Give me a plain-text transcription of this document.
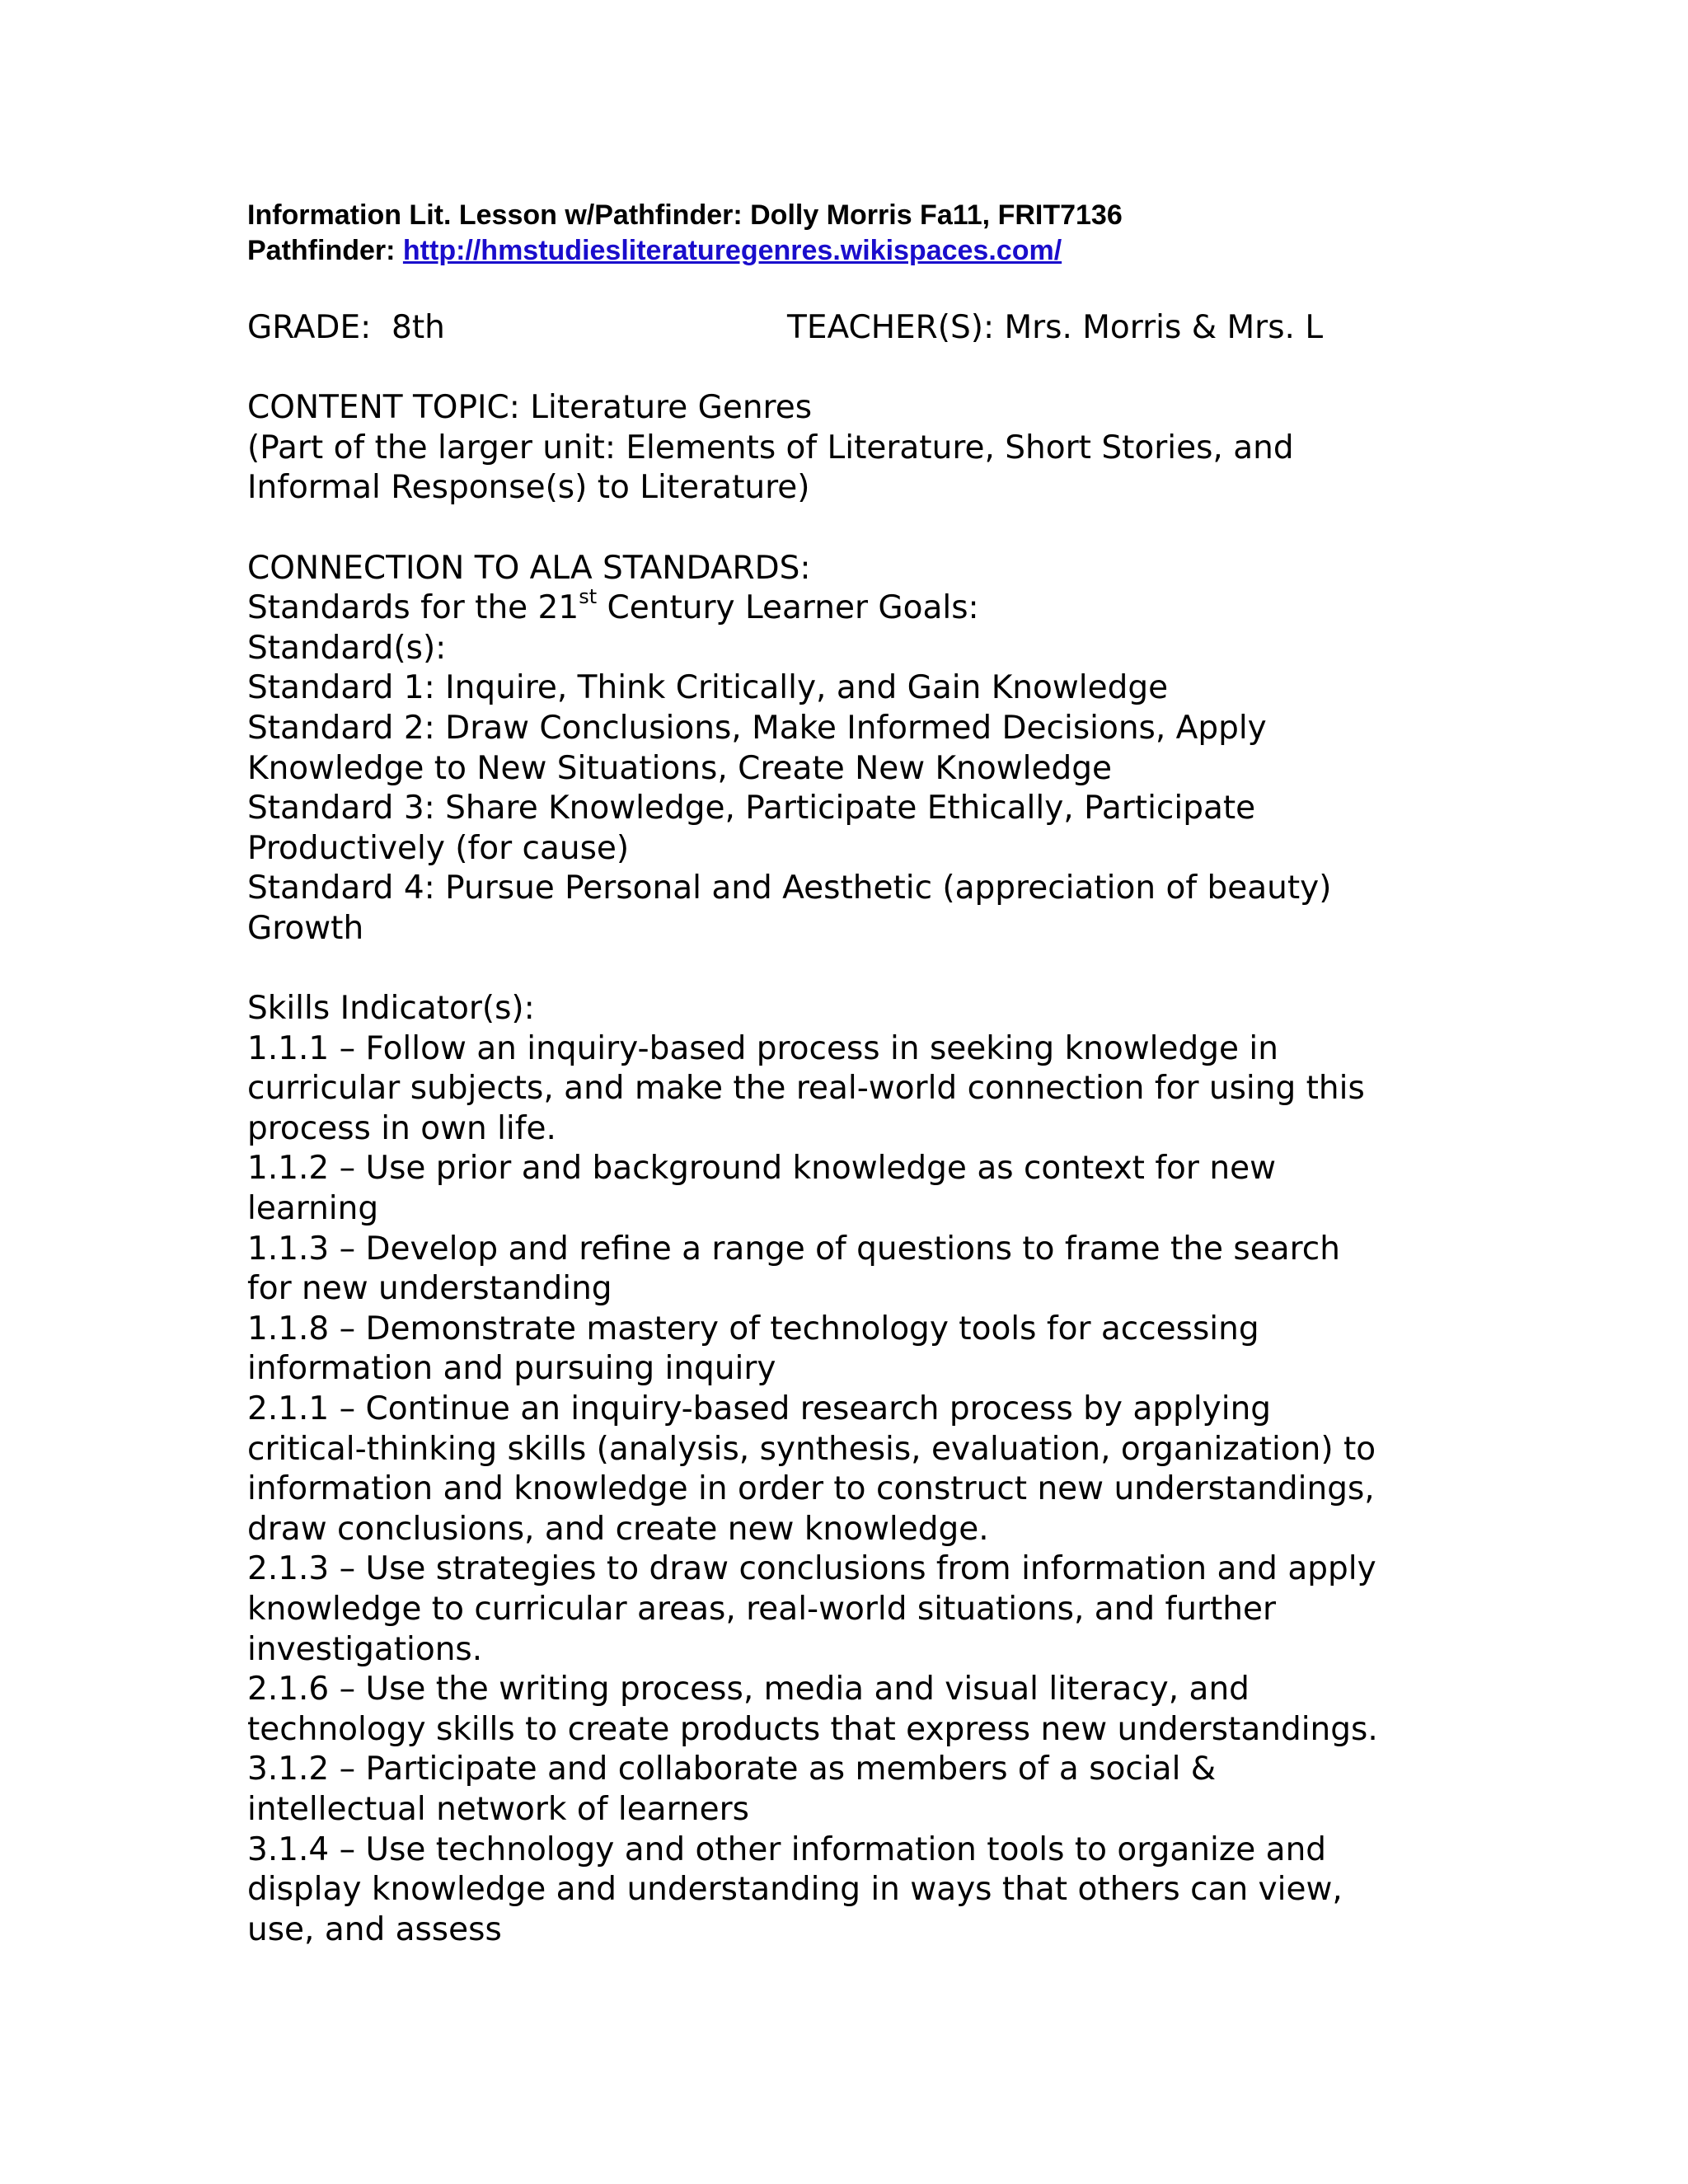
Information Lit. Lesson w/Pathfinder: Dolly Morris Fa11, FRIT7136
Pathfinder: http://hmstudiesliteraturegenres.wikispaces.com/
GRADE:  8th	TEACHER(S): Mrs. Morris & Mrs. L
CONTENT TOPIC: Literature Genres
(Part of the larger unit: Elements of Literature, Short Stories, and
Informal Response(s) to Literature)
CONNECTION TO ALA STANDARDS:
Standards for the 21st Century Learner Goals:
Standard(s):
Standard 1: Inquire, Think Critically, and Gain Knowledge
Standard 2: Draw Conclusions, Make Informed Decisions, Apply
Knowledge to New Situations, Create New Knowledge
Standard 3: Share Knowledge, Participate Ethically, Participate
Productively (for cause)
Standard 4: Pursue Personal and Aesthetic (appreciation of beauty)
Growth
Skills Indicator(s):
1.1.1 – Follow an inquiry-based process in seeking knowledge in
curricular subjects, and make the real-world connection for using this
process in own life.
1.1.2 – Use prior and background knowledge as context for new
learning
1.1.3 – Develop and refine a range of questions to frame the search
for new understanding
1.1.8 – Demonstrate mastery of technology tools for accessing
information and pursuing inquiry
2.1.1 – Continue an inquiry-based research process by applying
critical-thinking skills (analysis, synthesis, evaluation, organization) to
information and knowledge in order to construct new understandings,
draw conclusions, and create new knowledge.
2.1.3 – Use strategies to draw conclusions from information and apply
knowledge to curricular areas, real-world situations, and further
investigations.
2.1.6 – Use the writing process, media and visual literacy, and
technology skills to create products that express new understandings.
3.1.2 – Participate and collaborate as members of a social &
intellectual network of learners
3.1.4 – Use technology and other information tools to organize and
display knowledge and understanding in ways that others can view,
use, and assess
